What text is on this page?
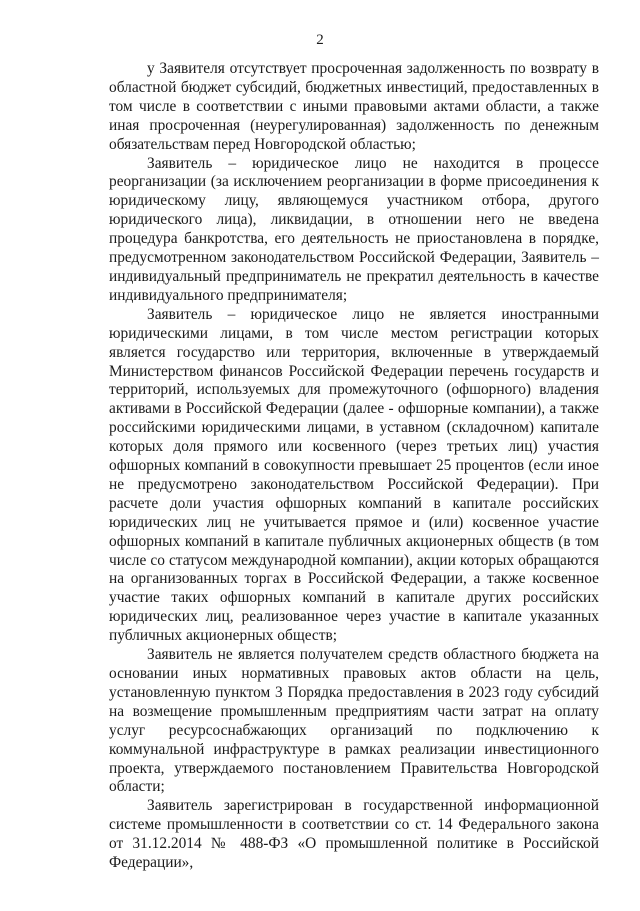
2

у Заявителя отсутствует просроченная задолженность по возврату в областной бюджет субсидий, бюджетных инвестиций, предоставленных в том числе в соответствии с иными правовыми актами области, а также иная просроченная (неурегулированная) задолженность по денежным обязательствам перед Новгородской областью;

Заявитель – юридическое лицо не находится в процессе реорганизации (за исключением реорганизации в форме присоединения к юридическому лицу, являющемуся участником отбора, другого юридического лица), ликвидации, в отношении него не введена процедура банкротства, его деятельность не приостановлена в порядке, предусмотренном законодательством Российской Федерации, Заявитель – индивидуальный предприниматель не прекратил деятельность в качестве индивидуального предпринимателя;

Заявитель – юридическое лицо не является иностранными юридическими лицами, в том числе местом регистрации которых является государство или территория, включенные в утверждаемый Министерством финансов Российской Федерации перечень государств и территорий, используемых для промежуточного (офшорного) владения активами в Российской Федерации (далее - офшорные компании), а также российскими юридическими лицами, в уставном (складочном) капитале которых доля прямого или косвенного (через третьих лиц) участия офшорных компаний в совокупности превышает 25 процентов (если иное не предусмотрено законодательством Российской Федерации). При расчете доли участия офшорных компаний в капитале российских юридических лиц не учитывается прямое и (или) косвенное участие офшорных компаний в капитале публичных акционерных обществ (в том числе со статусом международной компании), акции которых обращаются на организованных торгах в Российской Федерации, а также косвенное участие таких офшорных компаний в капитале других российских юридических лиц, реализованное через участие в капитале указанных публичных акционерных обществ;

Заявитель не является получателем средств областного бюджета на основании иных нормативных правовых актов области на цель, установленную пунктом 3 Порядка предоставления в 2023 году субсидий на возмещение промышленным предприятиям части затрат на оплату услуг ресурсоснабжающих организаций по подключению к коммунальной инфраструктуре в рамках реализации инвестиционного проекта, утверждаемого постановлением Правительства Новгородской области;

Заявитель зарегистрирован в государственной информационной системе промышленности в соответствии со ст. 14 Федерального закона от 31.12.2014 № 488-ФЗ «О промышленной политике в Российской Федерации»,
